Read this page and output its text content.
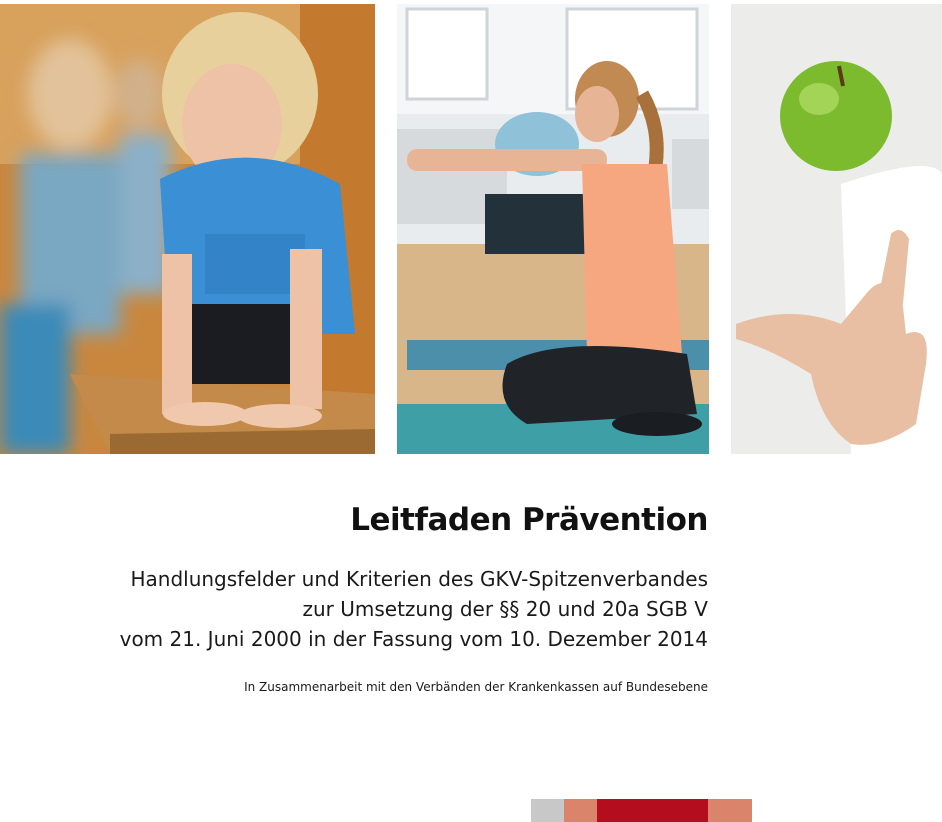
Leitfaden Prävention
Handlungsfelder und Kriterien des GKV-Spitzenverbandes
zur Umsetzung der §§ 20 und 20a SGB V
vom 21. Juni 2000 in der Fassung vom 10. Dezember 2014
In Zusammenarbeit mit den Verbänden der Krankenkassen auf Bundesebene
